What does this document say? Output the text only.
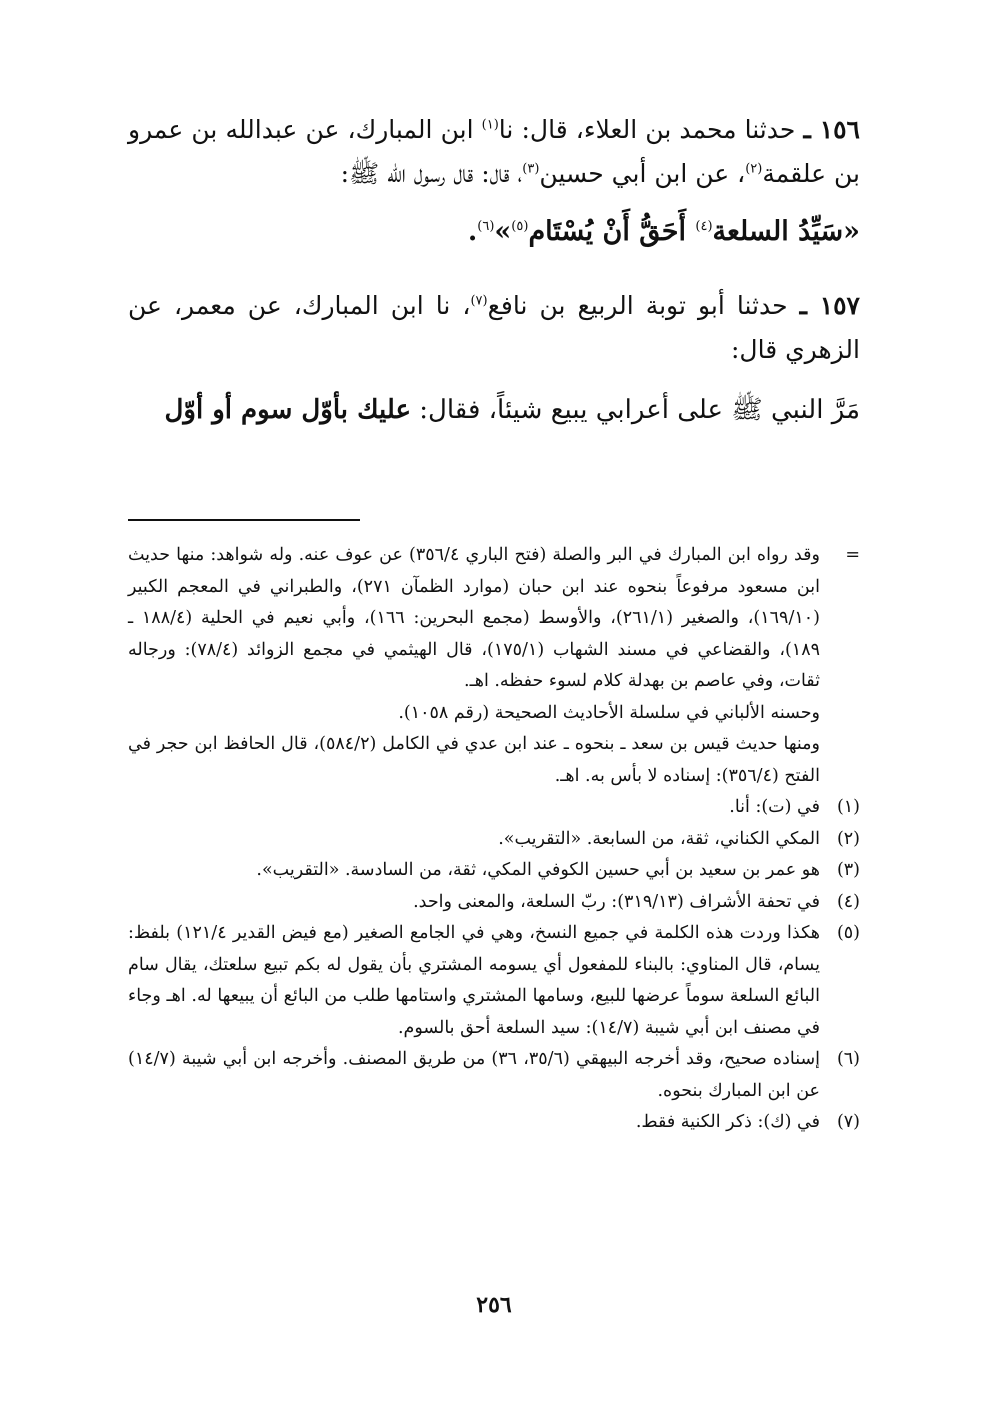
١٥٦ ـ حدثنا محمد بن العلاء، قال: نا$^{(١)}$ ابن المبارك، عن عبدالله بن عمرو بن علقمة$^{(٢)}$، عن ابن أبي حسين$^{(٣)}$، قال: قال رسول الله ﷺ:

«سَيِّدُ السلعة$^{(٤)}$ أَحَقُّ أَنْ يُسْتَام$^{(٥)}$»$^{(٦)}$.

١٥٧ ـ حدثنا أبو توبة الربيع بن نافع$^{(٧)}$، نا ابن المبارك، عن معمر، عن الزهري قال:

مَرَّ النبي ﷺ على أعرابي يبيع شيئاً، فقال: عليك بأوّل سوم أو أوّل

=
وقد رواه ابن المبارك في البر والصلة (فتح الباري ٣٥٦/٤) عن عوف عنه. وله شواهد: منها حديث ابن مسعود مرفوعاً بنحوه عند ابن حبان (موارد الظمآن ٢٧١)، والطبراني في المعجم الكبير (١٦٩/١٠)، والصغير (٢٦١/١)، والأوسط (مجمع البحرين: ١٦٦)، وأبي نعيم في الحلية (١٨٨/٤ ـ ١٨٩)، والقضاعي في مسند الشهاب (١٧٥/١)، قال الهيثمي في مجمع الزوائد (٧٨/٤): ورجاله ثقات، وفي عاصم بن بهدلة كلام لسوء حفظه. اهـ.
وحسنه الألباني في سلسلة الأحاديث الصحيحة (رقم ١٠٥٨).
ومنها حديث قيس بن سعد ـ بنحوه ـ عند ابن عدي في الكامل (٥٨٤/٢)، قال الحافظ ابن حجر في الفتح (٣٥٦/٤): إسناده لا بأس به. اهـ.
(١)
في (ت): أنا.
(٢)
المكي الكناني، ثقة، من السابعة. «التقريب».
(٣)
هو عمر بن سعيد بن أبي حسين الكوفي المكي، ثقة، من السادسة. «التقريب».
(٤)
في تحفة الأشراف (٣١٩/١٣): ربّ السلعة، والمعنى واحد.
(٥)
هكذا وردت هذه الكلمة في جميع النسخ، وهي في الجامع الصغير (مع فيض القدير ١٢١/٤) بلفظ: يسام، قال المناوي: بالبناء للمفعول أي يسومه المشتري بأن يقول له بكم تبيع سلعتك، يقال سام البائع السلعة سوماً عرضها للبيع، وسامها المشتري واستامها طلب من البائع أن يبيعها له. اهـ وجاء في مصنف ابن أبي شيبة (١٤/٧): سيد السلعة أحق بالسوم.
(٦)
إسناده صحيح، وقد أخرجه البيهقي (٣٥/٦، ٣٦) من طريق المصنف. وأخرجه ابن أبي شيبة (١٤/٧) عن ابن المبارك بنحوه.
(٧)
في (ك): ذكر الكنية فقط.
٢٥٦
